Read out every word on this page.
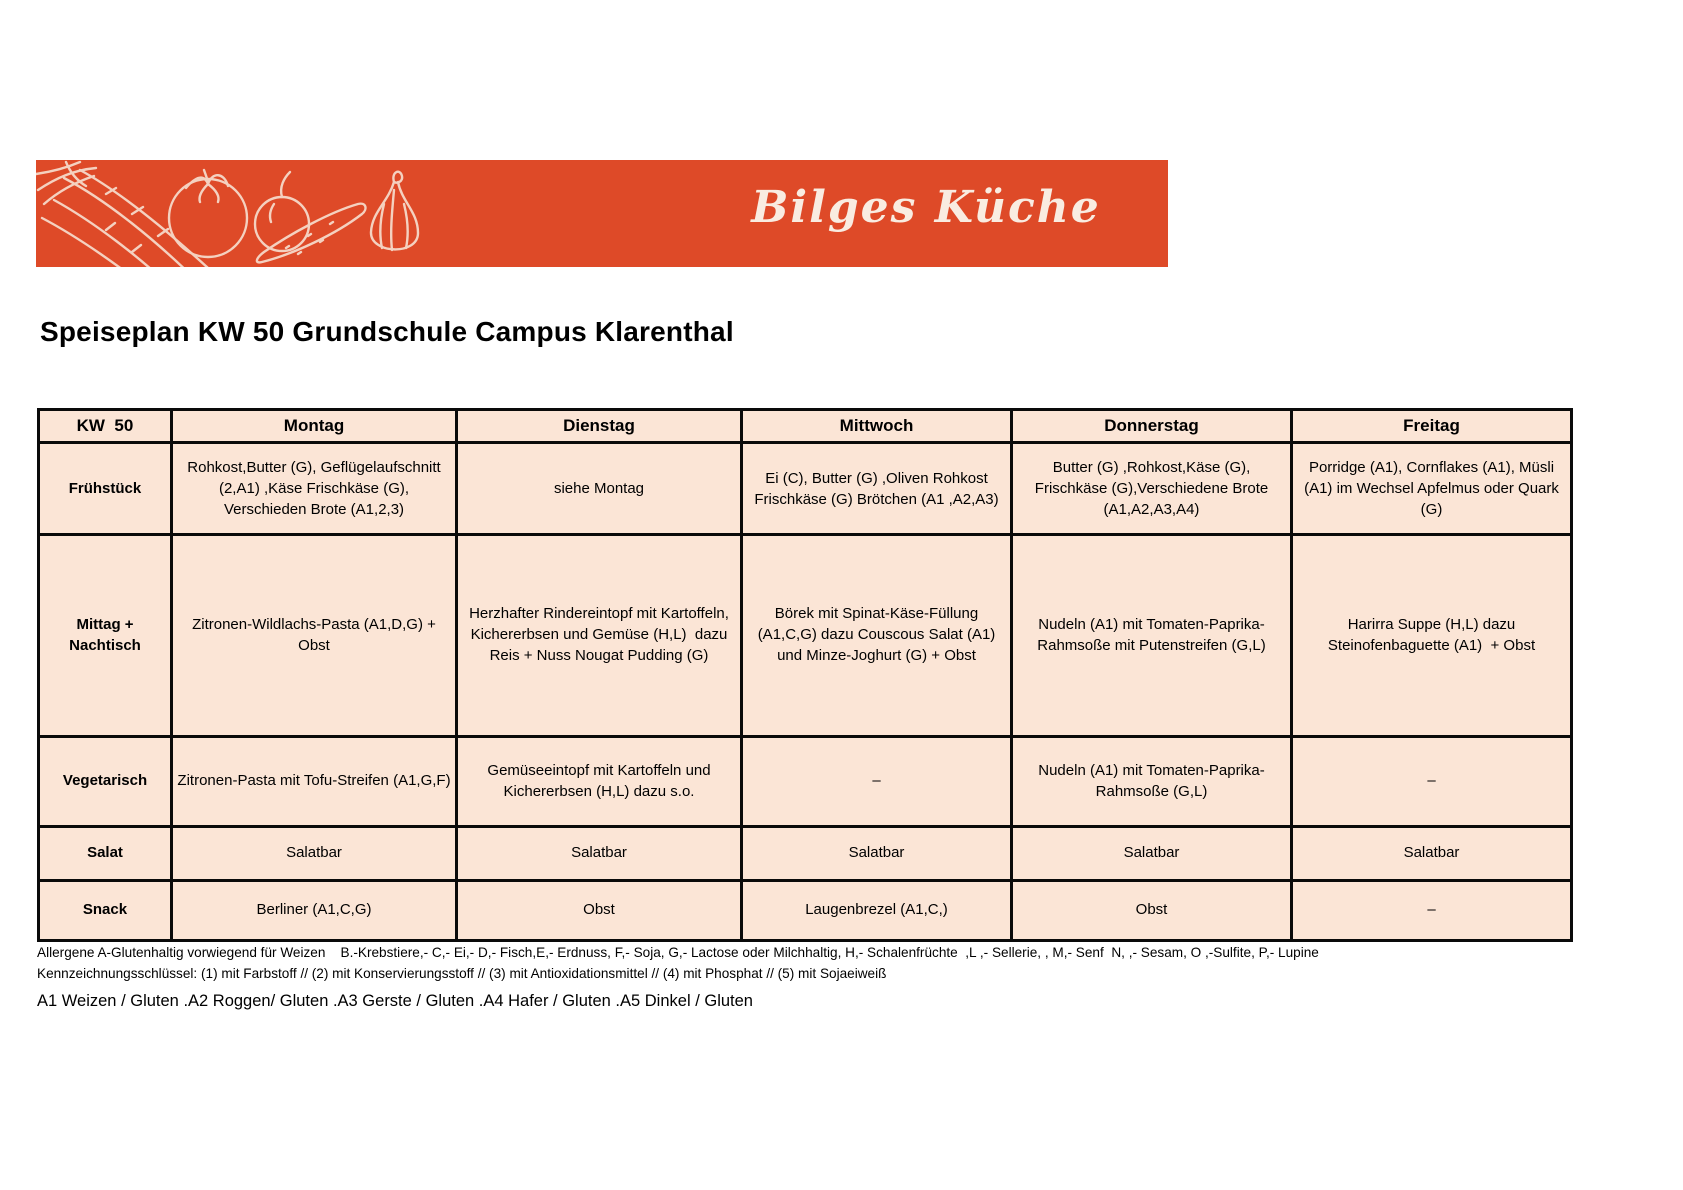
Bilges Küche
Speiseplan KW 50 Grundschule Campus Klarenthal
KW  50	Montag	Dienstag	Mittwoch	Donnerstag	Freitag
Frühstück	Rohkost,Butter (G), Geflügelaufschnitt (2,A1) ,Käse Frischkäse (G), Verschieden Brote (A1,2,3)	siehe Montag	Ei (C), Butter (G) ,Oliven Rohkost Frischkäse (G) Brötchen (A1 ,A2,A3)	Butter (G) ,Rohkost,Käse (G), Frischkäse (G),Verschiedene Brote (A1,A2,A3,A4)	Porridge (A1), Cornflakes (A1), Müsli (A1) im Wechsel Apfelmus oder Quark (G)
Mittag + Nachtisch	Zitronen-Wildlachs-Pasta (A1,D,G) + Obst	Herzhafter Rindereintopf mit Kartoffeln, Kichererbsen und Gemüse (H,L)  dazu Reis + Nuss Nougat Pudding (G)	Börek mit Spinat-Käse-Füllung (A1,C,G) dazu Couscous Salat (A1) und Minze-Joghurt (G) + Obst	Nudeln (A1) mit Tomaten-Paprika-Rahmsoße mit Putenstreifen (G,L)	Harirra Suppe (H,L) dazu Steinofenbaguette (A1)  + Obst
Vegetarisch	Zitronen-Pasta mit Tofu-Streifen (A1,G,F)	Gemüseeintopf mit Kartoffeln und Kichererbsen (H,L) dazu s.o.	–	Nudeln (A1) mit Tomaten-Paprika-Rahmsoße (G,L)	–
Salat	Salatbar	Salatbar	Salatbar	Salatbar	Salatbar
Snack	Berliner (A1,C,G)	Obst	Laugenbrezel (A1,C,)	Obst	–
Allergene A-Glutenhaltig vorwiegend für Weizen    B.-Krebstiere,- C,- Ei,- D,- Fisch,E,- Erdnuss, F,- Soja, G,- Lactose oder Milchhaltig, H,- Schalenfrüchte  ,L ,- Sellerie, , M,- Senf  N, ,- Sesam, O ,-Sulfite, P,- Lupine
Kennzeichnungsschlüssel: (1) mit Farbstoff // (2) mit Konservierungsstoff // (3) mit Antioxidationsmittel // (4) mit Phosphat // (5) mit Sojaeiweiß
A1 Weizen / Gluten .A2 Roggen/ Gluten .A3 Gerste / Gluten .A4 Hafer / Gluten .A5 Dinkel / Gluten
